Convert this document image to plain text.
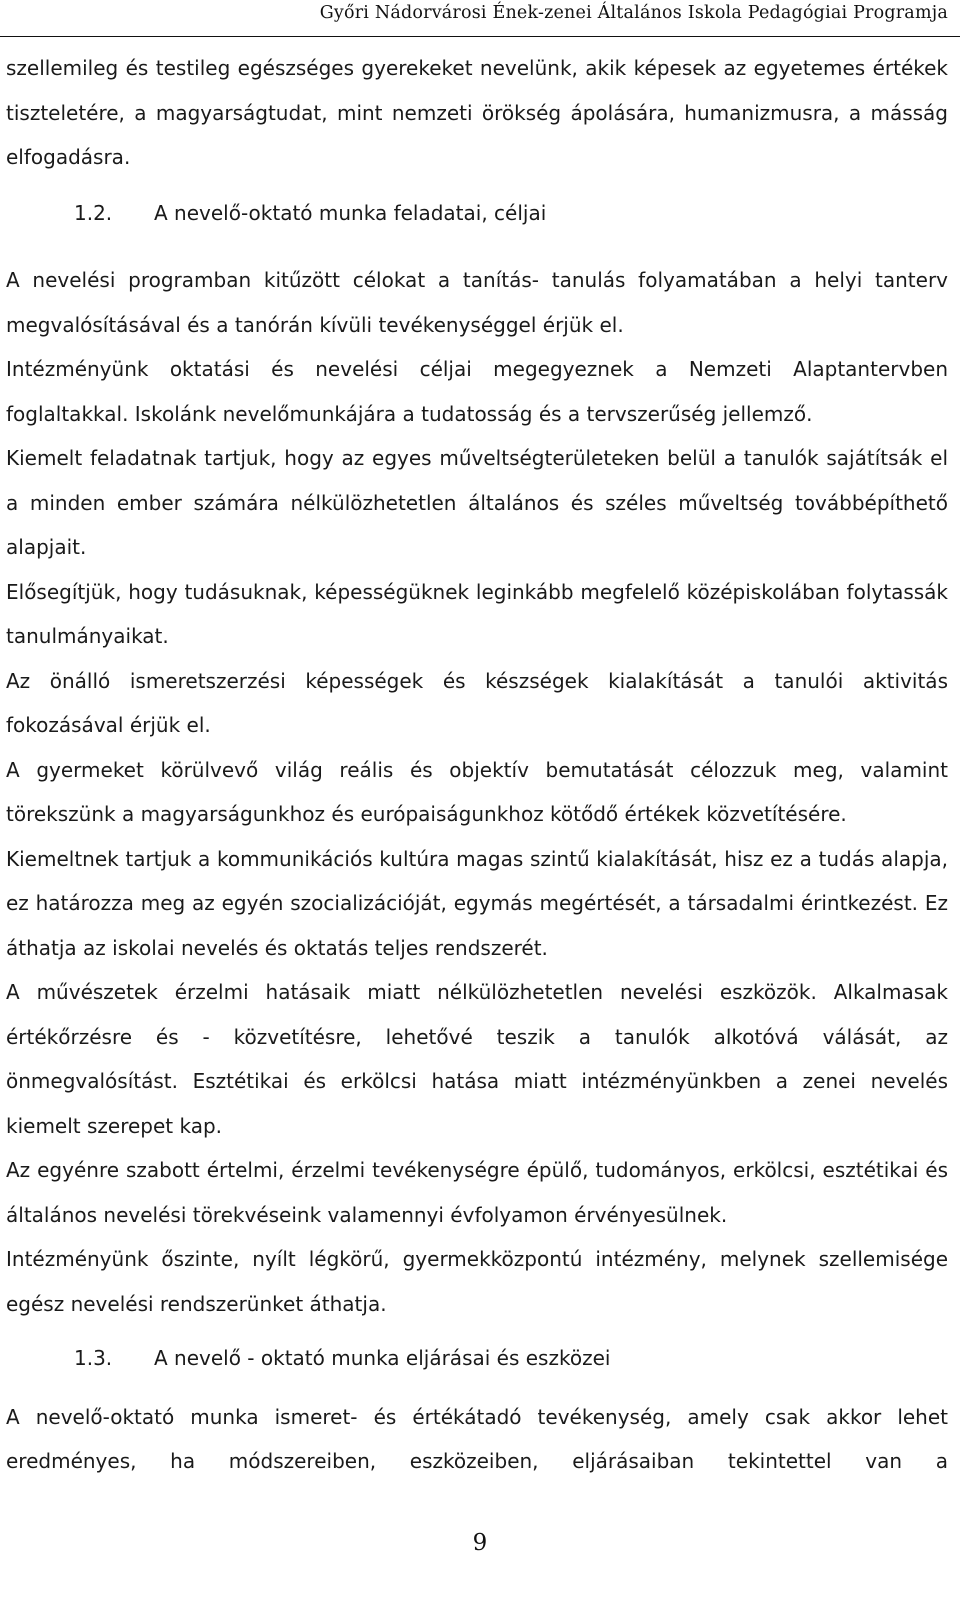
Győri Nádorvárosi Ének-zenei Általános Iskola Pedagógiai Programja

szellemileg és testileg egészséges gyerekeket nevelünk, akik képesek az egyetemes értékek tiszteletére, a magyarságtudat, mint nemzeti örökség ápolására, humanizmusra, a másság elfogadásra.

1.2.	A nevelő-oktató munka feladatai, céljai

A nevelési programban kitűzött célokat a tanítás- tanulás folyamatában a helyi tanterv megvalósításával és a tanórán kívüli tevékenységgel érjük el.

Intézményünk oktatási és nevelési céljai megegyeznek a Nemzeti Alaptantervben foglaltakkal. Iskolánk nevelőmunkájára a tudatosság és a tervszerűség jellemző.

Kiemelt feladatnak tartjuk, hogy az egyes műveltségterületeken belül a tanulók sajátítsák el a minden ember számára nélkülözhetetlen általános és széles műveltség továbbépíthető alapjait.

Elősegítjük, hogy tudásuknak, képességüknek leginkább megfelelő középiskolában folytassák tanulmányaikat.

Az önálló ismeretszerzési képességek és készségek kialakítását a tanulói aktivitás fokozásával érjük el.

A gyermeket körülvevő világ reális és objektív bemutatását célozzuk meg, valamint törekszünk a magyarságunkhoz és európaiságunkhoz kötődő értékek közvetítésére.

Kiemeltnek tartjuk a kommunikációs kultúra magas szintű kialakítását, hisz ez a tudás alapja, ez határozza meg az egyén szocializációját, egymás megértését, a társadalmi érintkezést. Ez áthatja az iskolai nevelés és oktatás teljes rendszerét.

A művészetek érzelmi hatásaik miatt nélkülözhetetlen nevelési eszközök. Alkalmasak értékőrzésre és - közvetítésre, lehetővé teszik a tanulók alkotóvá válását, az önmegvalósítást. Esztétikai és erkölcsi hatása miatt intézményünkben a zenei nevelés kiemelt szerepet kap.

Az egyénre szabott értelmi, érzelmi tevékenységre épülő, tudományos, erkölcsi, esztétikai és általános nevelési törekvéseink valamennyi évfolyamon érvényesülnek.

Intézményünk őszinte, nyílt légkörű, gyermekközpontú intézmény, melynek szellemisége egész nevelési rendszerünket áthatja.

1.3.	A nevelő - oktató munka eljárásai és eszközei

A nevelő-oktató munka ismeret- és értékátadó tevékenység, amely csak akkor lehet eredményes, ha módszereiben, eszközeiben, eljárásaiban tekintettel van a

9
